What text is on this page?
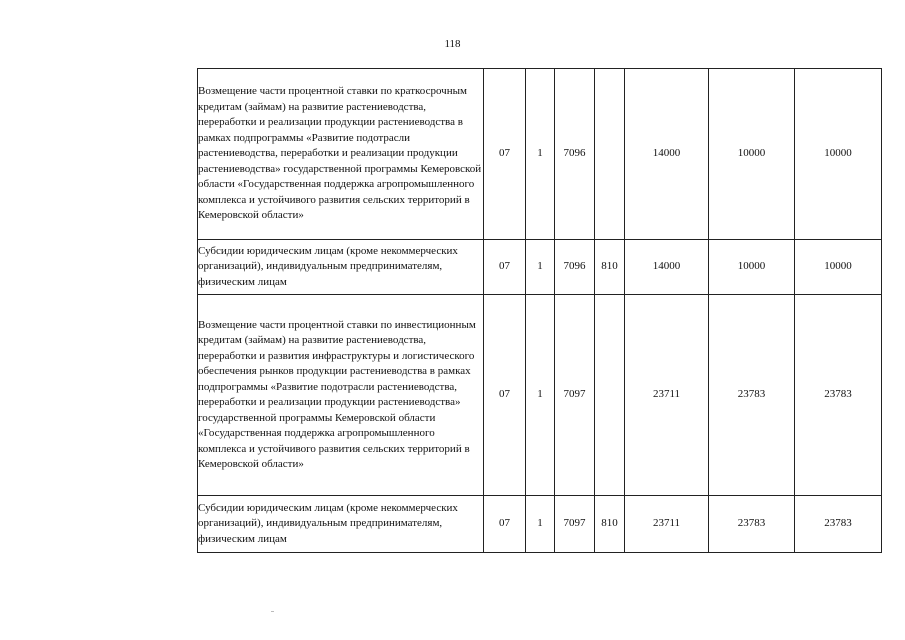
118
Возмещение части процентной ставки по краткосрочным кредитам (займам) на развитие растениеводства, переработки и реализации продукции растениеводства в рамках подпрограммы «Развитие подотрасли растениеводства, переработки и реализации продукции растениеводства» государственной программы Кемеровской области «Государственная поддержка агропромышленного комплекса и устойчивого развития сельских территорий в Кемеровской области»	07	1	7096		14000	10000	10000
Субсидии юридическим лицам (кроме некоммерческих организаций), индивидуальным предпринимателям, физическим лицам	07	1	7096	810	14000	10000	10000
Возмещение части процентной ставки по инвестиционным кредитам (займам) на развитие растениеводства, переработки и развития инфраструктуры и логистического обеспечения рынков продукции растениеводства в рамках подпрограммы «Развитие подотрасли растениеводства, переработки и реализации продукции растениеводства» государственной программы Кемеровской области «Государственная поддержка агропромышленного комплекса и устойчивого развития сельских территорий в Кемеровской области»	07	1	7097		23711	23783	23783
Субсидии юридическим лицам (кроме некоммерческих организаций), индивидуальным предпринимателям, физическим лицам	07	1	7097	810	23711	23783	23783
